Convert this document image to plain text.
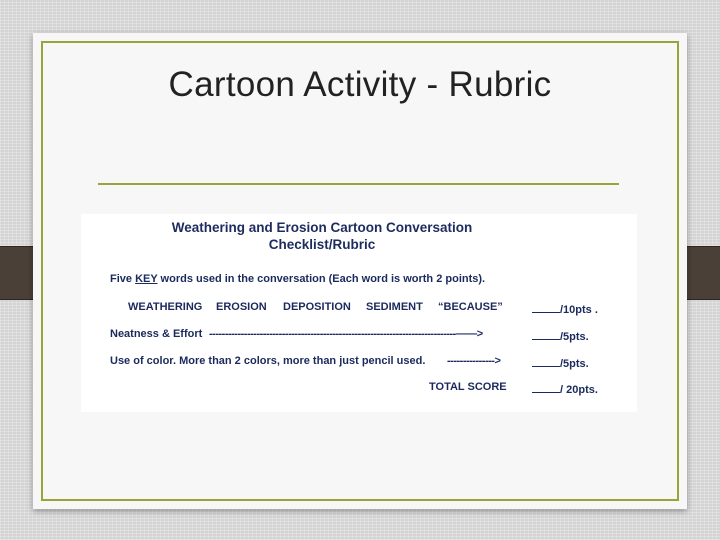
Cartoon Activity - Rubric
Weathering and Erosion Cartoon Conversation
Checklist/Rubric
Five KEY words used in the conversation (Each word is worth 2 points).
WEATHERING EROSION DEPOSITION SEDIMENT “BECAUSE”	/10pts .
Neatness & Effort ------------------------------------------------------------------------------——>	/5pts.
Use of color. More than 2 colors, more than just pencil used. --------------->	/5pts.
TOTAL SCORE	/ 20pts.
